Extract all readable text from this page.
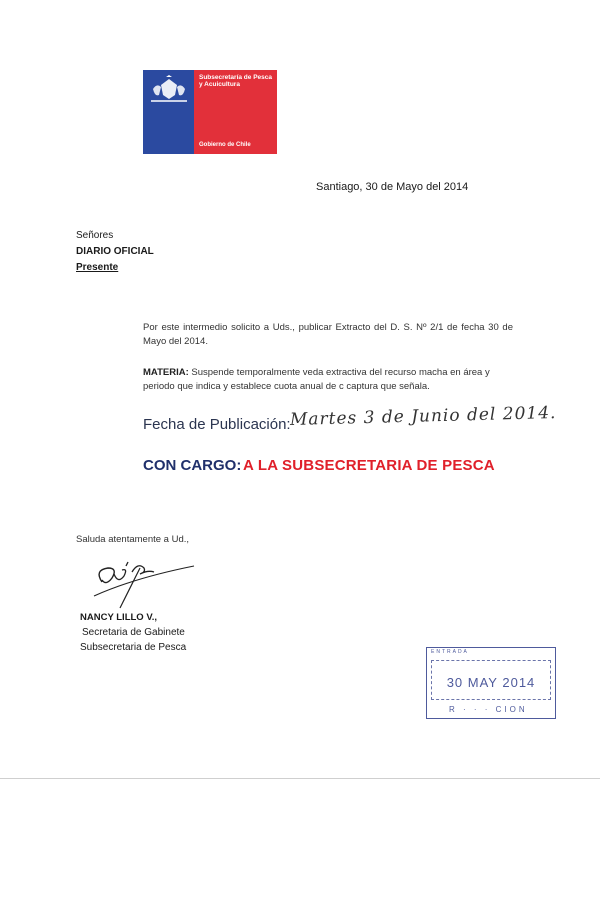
Subsecretaría de Pesca y Acuicultura
Gobierno de Chile
Santiago, 30 de Mayo del 2014
Señores
DIARIO OFICIAL
Presente
Por este intermedio solicito a Uds., publicar Extracto del D. S. Nº 2/1 de fecha 30 de Mayo del 2014.
MATERIA: Suspende temporalmente veda extractiva del recurso macha en área y periodo que indica y establece cuota anual de c captura que señala.
Fecha de Publicación: Martes 3 de Junio del 2014.
CON CARGO: A LA SUBSECRETARIA DE PESCA
Saluda atentamente a Ud.,
NANCY LILLO V.,
Secretaria de Gabinete
Subsecretaria de Pesca	ENTRADA
30 MAY 2014
R · · · CION
